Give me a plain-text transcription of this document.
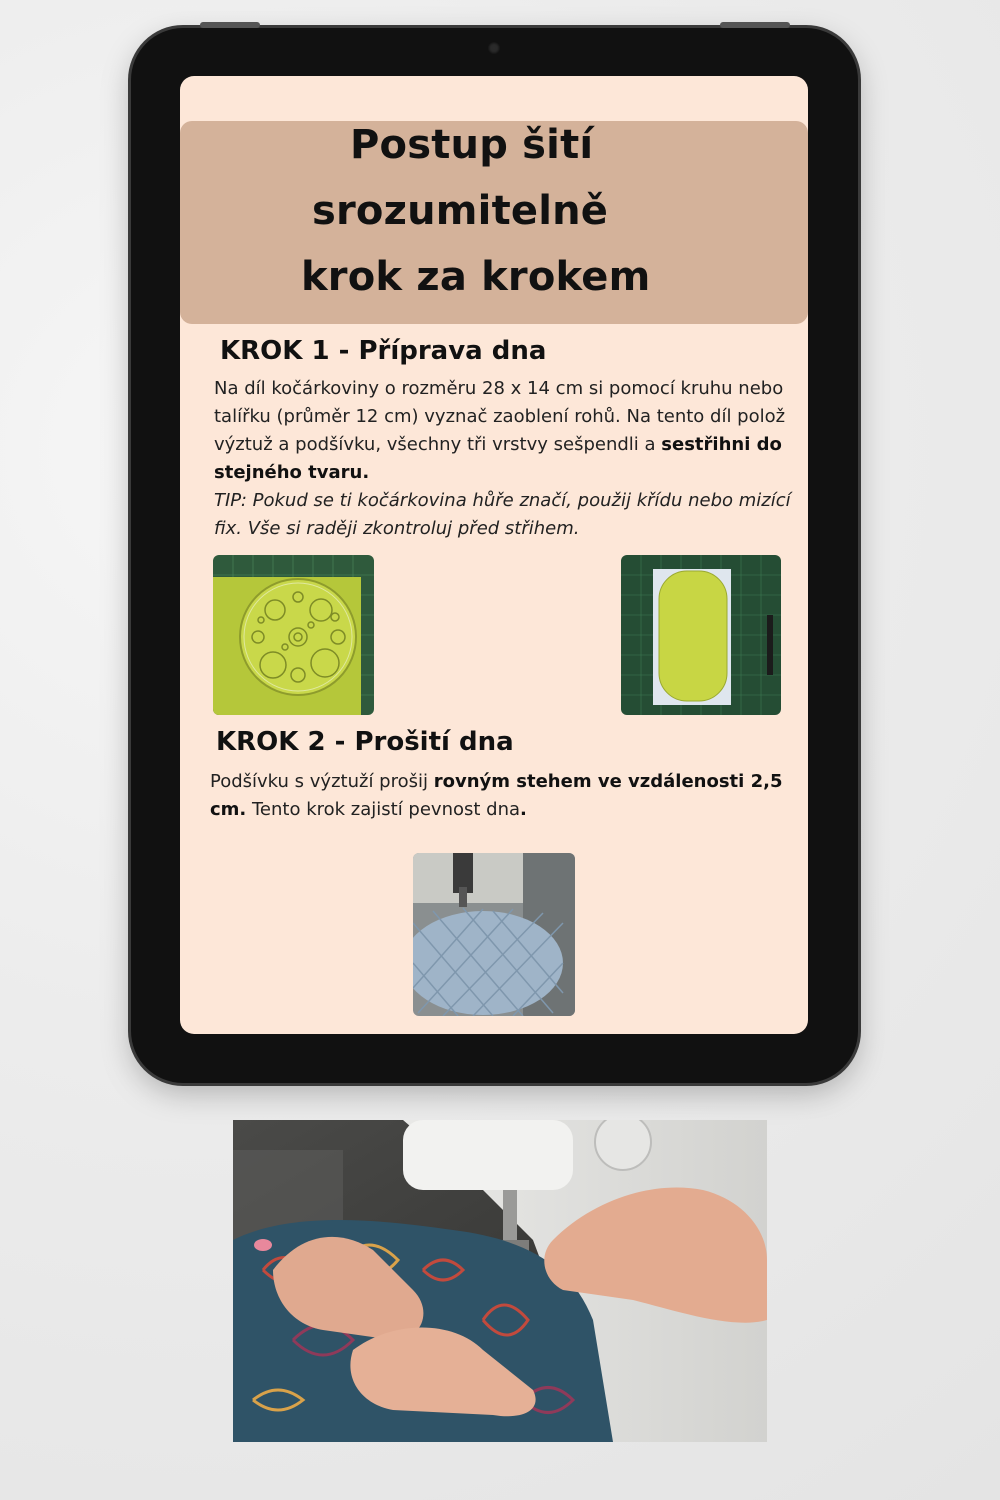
Postup šití
srozumitelně
krok za krokem
KROK 1 - Příprava dna
Na díl kočárkoviny o rozměru 28 x 14 cm si pomocí kruhu nebo talířku (průměr 12 cm) vyznač zaoblení rohů. Na tento díl polož výztuž a podšívku, všechny tři vrstvy sešpendli a sestřihni do stejného tvaru.
TIP: Pokud se ti kočárkovina hůře značí, použij křídu nebo mizící fix. Vše si raději zkontroluj před střihem.
KROK 2 - Prošití dna
Podšívku s výztuží prošij rovným stehem ve vzdálenosti 2,5 cm. Tento krok zajistí pevnost dna.
